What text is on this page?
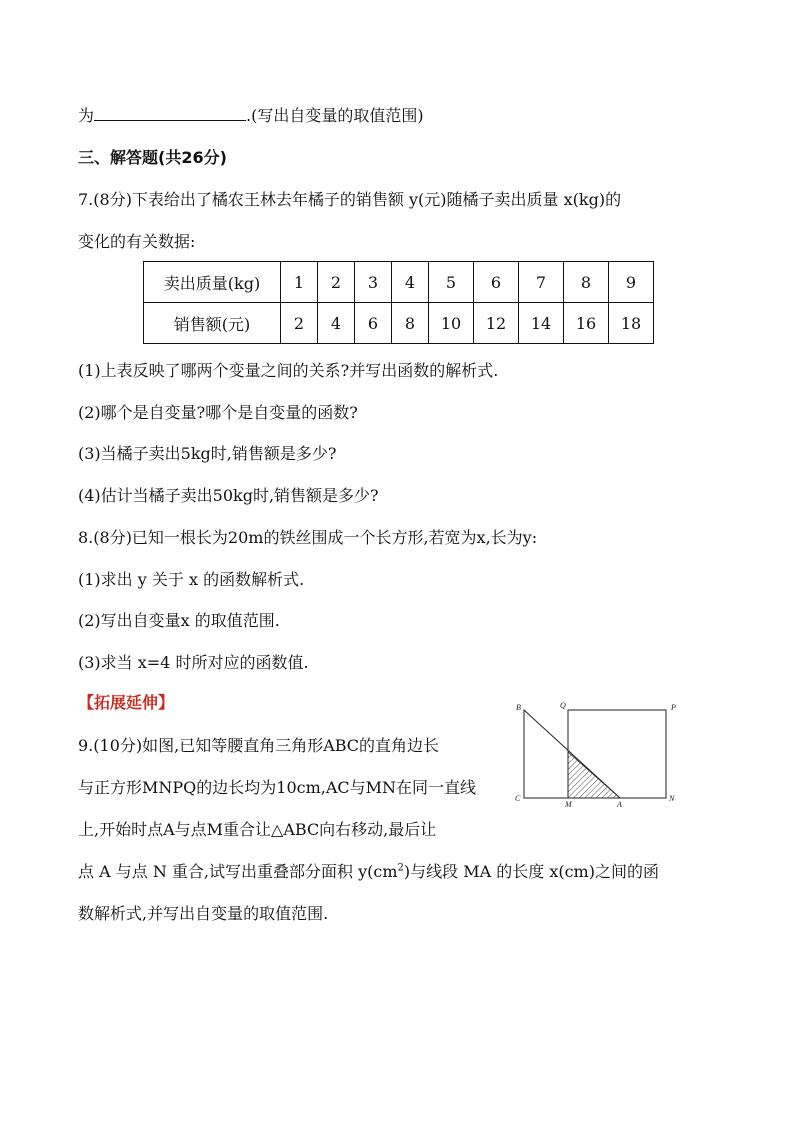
为	.(写出自变量的取值范围)
三、解答题(共26分)
7.(8分)下表给出了橘农王林去年橘子的销售额 y(元)随橘子卖出质量 x(kg)的
变化的有关数据:
卖出质量(kg)	1	2	3	4	5	6	7	8	9
销售额(元)	2	4	6	8	10	12	14	16	18
(1)上表反映了哪两个变量之间的关系?并写出函数的解析式.
(2)哪个是自变量?哪个是自变量的函数?
(3)当橘子卖出5kg时,销售额是多少?
(4)估计当橘子卖出50kg时,销售额是多少?
8.(8分)已知一根长为20m的铁丝围成一个长方形,若宽为x,长为y:
(1)求出 y 关于 x 的函数解析式.
(2)写出自变量x 的取值范围.
(3)求当 x=4 时所对应的函数值.
【拓展延伸】
9.(10分)如图,已知等腰直角三角形ABC的直角边长
与正方形MNPQ的边长均为10cm,AC与MN在同一直线
上,开始时点A与点M重合让△ABC向右移动,最后让
点 A 与点 N 重合,试写出重叠部分面积 $y(cm^2)$与线段 MA 的长度 x(cm)之间的函
数解析式,并写出自变量的取值范围.
B	Q	P
C
M	A
N
